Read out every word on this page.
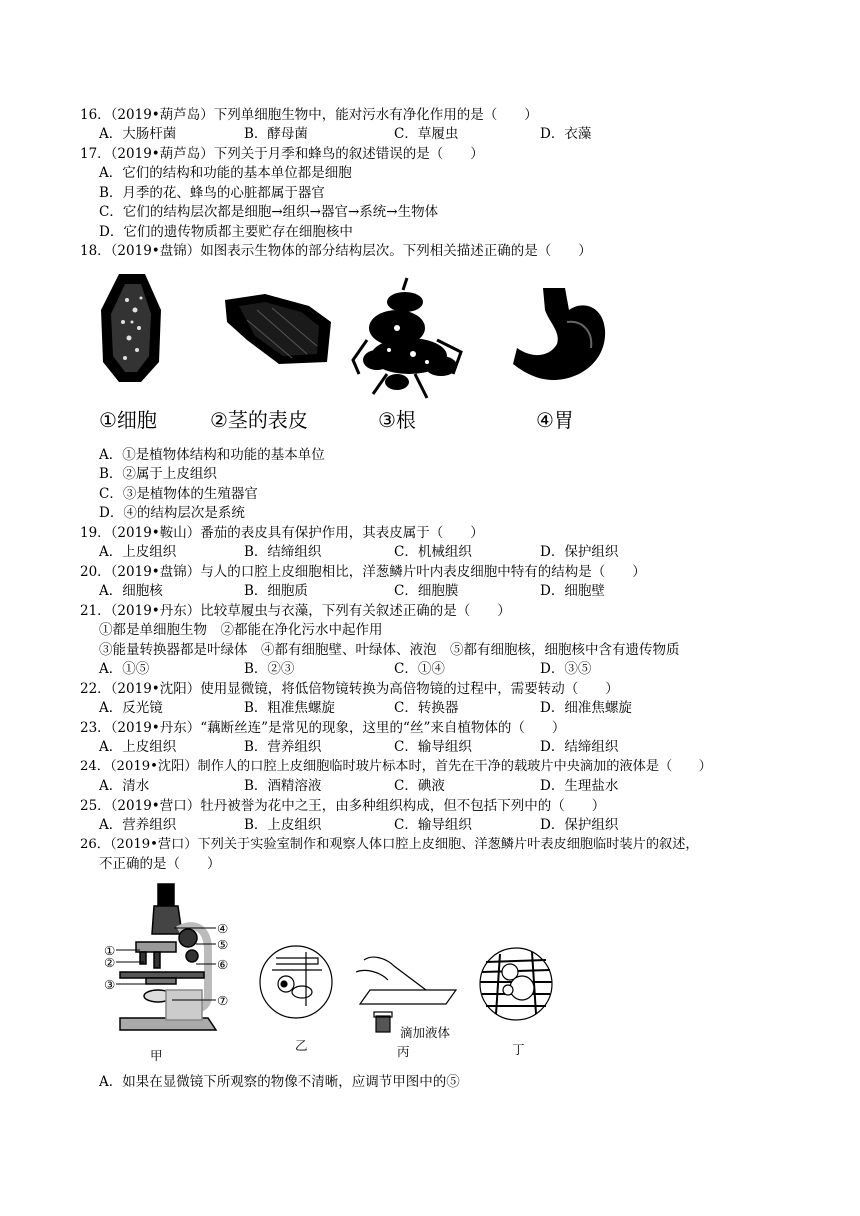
16．（2019•葫芦岛）下列单细胞生物中，能对污水有净化作用的是（　　）
A．大肠杆菌	B．酵母菌	C．草履虫	D．衣藻
17．（2019•葫芦岛）下列关于月季和蜂鸟的叙述错误的是（　　）
A．它们的结构和功能的基本单位都是细胞
B．月季的花、蜂鸟的心脏都属于器官
C．它们的结构层次都是细胞→组织→器官→系统→生物体
D．它们的遗传物质都主要贮存在细胞核中
18．（2019•盘锦）如图表示生物体的部分结构层次。下列相关描述正确的是（　　）
①细胞	②茎的表皮	③根	④胃
A．①是植物体结构和功能的基本单位
B．②属于上皮组织
C．③是植物体的生殖器官
D．④的结构层次是系统
19．（2019•鞍山）番茄的表皮具有保护作用，其表皮属于（　　）
A．上皮组织	B．结缔组织	C．机械组织	D．保护组织
20．（2019•盘锦）与人的口腔上皮细胞相比，洋葱鳞片叶内表皮细胞中特有的结构是（　　）
A．细胞核	B．细胞质	C．细胞膜	D．细胞壁
21．（2019•丹东）比较草履虫与衣藻，下列有关叙述正确的是（　　）
①都是单细胞生物　②都能在净化污水中起作用
③能量转换器都是叶绿体　④都有细胞壁、叶绿体、液泡　⑤都有细胞核，细胞核中含有遗传物质
A．①⑤	B．②③	C．①④	D．③⑤
22．（2019•沈阳）使用显微镜，将低倍物镜转换为高倍物镜的过程中，需要转动（　　）
A．反光镜	B．粗准焦螺旋	C．转换器	D．细准焦螺旋
23．（2019•丹东）“藕断丝连”是常见的现象，这里的“丝”来自植物体的（　　）
A．上皮组织	B．营养组织	C．输导组织	D．结缔组织
24．（2019•沈阳）制作人的口腔上皮细胞临时玻片标本时，首先在干净的载玻片中央滴加的液体是（　　）
A．清水	B．酒精溶液	C．碘液	D．生理盐水
25．（2019•营口）牡丹被誉为花中之王，由多种组织构成，但不包括下列中的（　　）
A．营养组织	B．上皮组织	C．输导组织	D．保护组织
26．（2019•营口）下列关于实验室制作和观察人体口腔上皮细胞、洋葱鳞片叶表皮细胞临时装片的叙述，
不正确的是（　　）
①
②
③
④
⑤
⑥
⑦
甲
乙
滴加液体
丙	丁
A．如果在显微镜下所观察的物像不清晰，应调节甲图中的⑤
